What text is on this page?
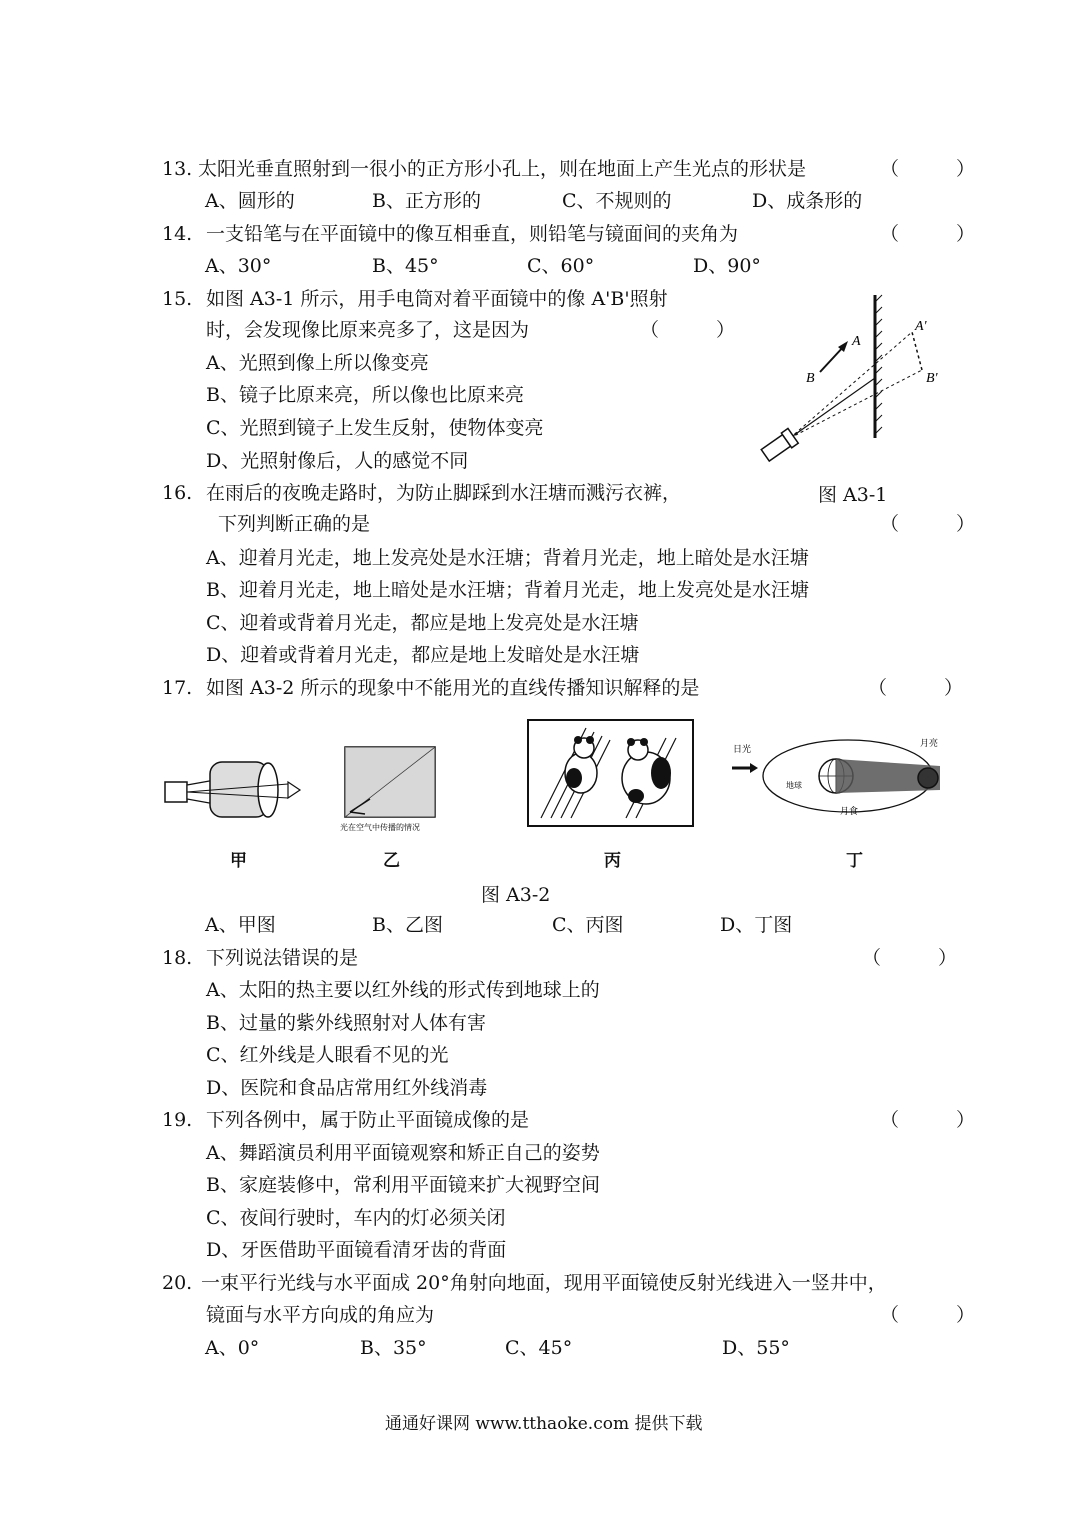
13. 太阳光垂直照射到一很小的正方形小孔上，则在地面上产生光点的形状是	（　　　）
A、圆形的	B、正方形的	C、不规则的	D、成条形的
14. 一支铅笔与在平面镜中的像互相垂直，则铅笔与镜面间的夹角为	（　　　）
A、30°	B、45°	C、60°	D、90°
15. 如图 A3-1 所示，用手电筒对着平面镜中的像 A'B'照射
时，会发现像比原来亮多了，这是因为	（　　　）
A、光照到像上所以像变亮
B、镜子比原来亮，所以像也比原来亮
C、光照到镜子上发生反射，使物体变亮
D、光照射像后，人的感觉不同
A
B
A'
B'
图 A3-1
16. 在雨后的夜晚走路时，为防止脚踩到水汪塘而溅污衣裤，
下列判断正确的是	（　　　）
A、迎着月光走，地上发亮处是水汪塘；背着月光走，地上暗处是水汪塘
B、迎着月光走，地上暗处是水汪塘；背着月光走，地上发亮处是水汪塘
C、迎着或背着月光走，都应是地上发亮处是水汪塘
D、迎着或背着月光走，都应是地上发暗处是水汪塘
17. 如图 A3-2 所示的现象中不能用光的直线传播知识解释的是	（　　　）
甲
光在空气中传播的情况
乙	丙
日光
月亮
地球
月食
丁
图 A3-2
A、甲图	B、乙图	C、丙图	D、丁图
18. 下列说法错误的是	（　　　）
A、太阳的热主要以红外线的形式传到地球上的
B、过量的紫外线照射对人体有害
C、红外线是人眼看不见的光
D、医院和食品店常用红外线消毒
19. 下列各例中，属于防止平面镜成像的是	（　　　）
A、舞蹈演员利用平面镜观察和矫正自己的姿势
B、家庭装修中，常利用平面镜来扩大视野空间
C、夜间行驶时，车内的灯必须关闭
D、牙医借助平面镜看清牙齿的背面
20. 一束平行光线与水平面成 20°角射向地面，现用平面镜使反射光线进入一竖井中，
镜面与水平方向成的角应为	（　　　）
A、0°	B、35°	C、45°	D、55°
通通好课网 www.tthaoke.com 提供下载
